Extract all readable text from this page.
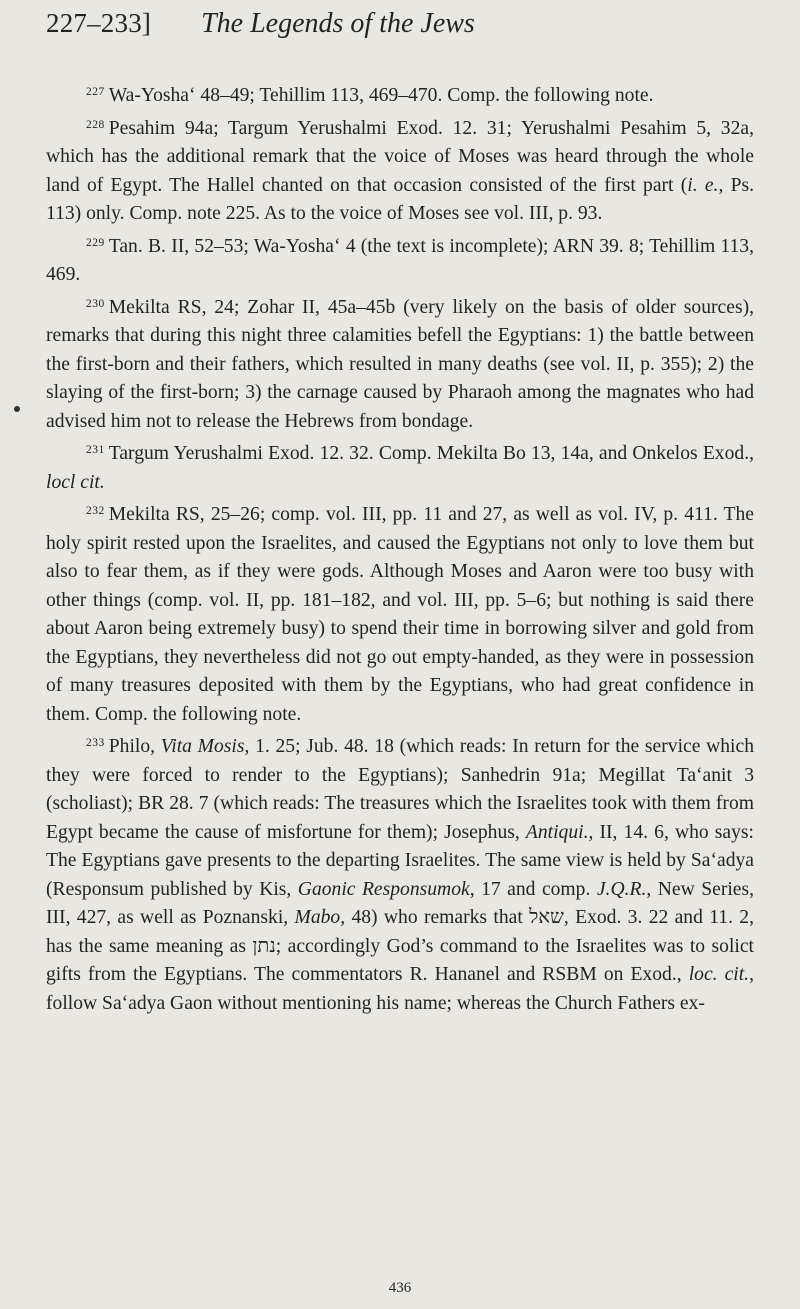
227–233] The Legends of the Jews

$^{227}$ Wa-Yosha‘ 48–49; Tehillim 113, 469–470. Comp. the following note.

$^{228}$ Pesahim 94a; Targum Yerushalmi Exod. 12. 31; Yerushalmi Pesahim 5, 32a, which has the additional remark that the voice of Moses was heard through the whole land of Egypt. The Hallel chanted on that occasion consisted of the first part (i. e., Ps. 113) only. Comp. note 225. As to the voice of Moses see vol. III, p. 93.

$^{229}$ Tan. B. II, 52–53; Wa-Yosha‘ 4 (the text is incomplete); ARN 39. 8; Tehillim 113, 469.

$^{230}$ Mekilta RS, 24; Zohar II, 45a–45b (very likely on the basis of older sources), remarks that during this night three calamities befell the Egyptians: 1) the battle between the first-born and their fathers, which resulted in many deaths (see vol. II, p. 355); 2) the slaying of the first-born; 3) the carnage caused by Pharaoh among the magnates who had advised him not to release the Hebrews from bondage.

$^{231}$ Targum Yerushalmi Exod. 12. 32. Comp. Mekilta Bo 13, 14a, and Onkelos Exod., locl cit.

$^{232}$ Mekilta RS, 25–26; comp. vol. III, pp. 11 and 27, as well as vol. IV, p. 411. The holy spirit rested upon the Israelites, and caused the Egyptians not only to love them but also to fear them, as if they were gods. Although Moses and Aaron were too busy with other things (comp. vol. II, pp. 181–182, and vol. III, pp. 5–6; but nothing is said there about Aaron being extremely busy) to spend their time in borrowing silver and gold from the Egyptians, they nevertheless did not go out empty-handed, as they were in possession of many treasures deposited with them by the Egyptians, who had great confidence in them. Comp. the following note.

$^{233}$ Philo, Vita Mosis, 1. 25; Jub. 48. 18 (which reads: In return for the service which they were forced to render to the Egyptians); Sanhedrin 91a; Megillat Ta‘anit 3 (scholiast); BR 28. 7 (which reads: The treasures which the Israelites took with them from Egypt became the cause of misfortune for them); Josephus, Antiqui., II, 14. 6, who says: The Egyptians gave presents to the departing Israelites. The same view is held by Sa‘adya (Responsum published by Kis, Gaonic Responsumok, 17 and comp. J.Q.R., New Series, III, 427, as well as Poznanski, Mabo, 48) who remarks that שאל, Exod. 3. 22 and 11. 2, has the same meaning as נתן; accordingly God’s command to the Israelites was to solict gifts from the Egyptians. The commentators R. Hananel and RSBM on Exod., loc. cit., follow Sa‘adya Gaon without mentioning his name; whereas the Church Fathers ex-

436
